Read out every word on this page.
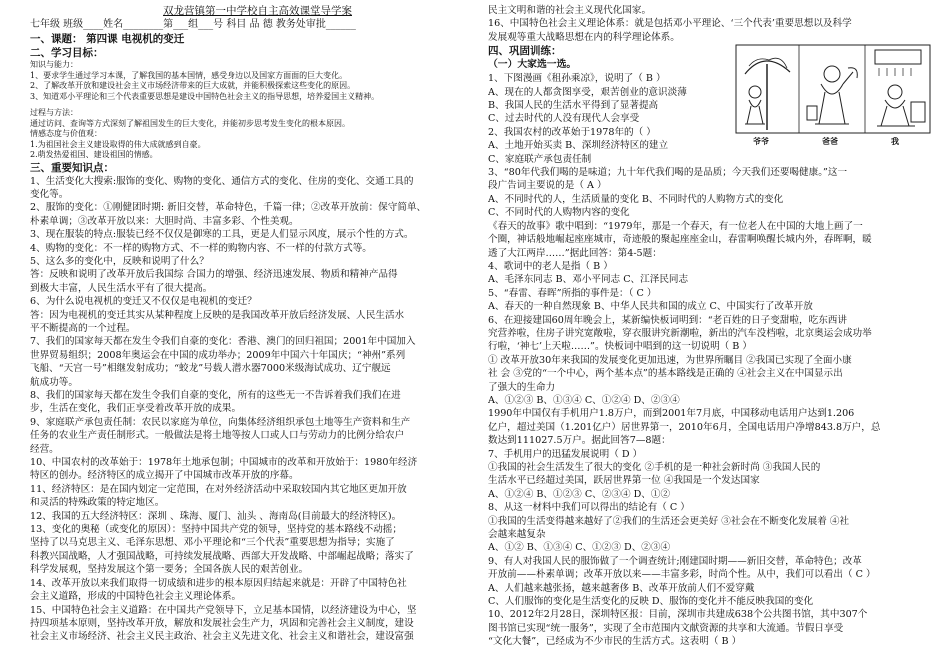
双龙营镇第一中学校自主高效课堂导学案
七年级 班级____姓名________第___组___号 科目 品 德 教务处审批______
一、课题： 第四课 电视机的变迁
二、学习目标：
知识与能力：
1、要求学生通过学习本课，了解我国的基本国情，感受身边以及国家方面面的巨大变化。
2、了解改革开放和建设社会主义市场经济带来的巨大成就，并能积极探索这些变化的原因。
3、知道邓小平理论和三个代表重要思想是建设中国特色社会主义的指导思想，培养爱国主义精神。
过程与方法：
通过访问、查询等方式深刻了解祖国发生的巨大变化，并能初步思考发生变化的根本原因。
情感态度与价值观：
1.为祖国社会主义建设取得的伟大成就感到自豪。
2.萌发热爱祖国、建设祖国的情感。
三、重要知识点：
1、生活变化大搜索:服饰的变化、购物的变化、通信方式的变化、住房的变化、交通工具的
变化等。
2、服饰的变化：①刚健团时期: 新旧交替，革命特色，千篇一律；②改革开放前：保守简单、
朴素单调；③改革开放以来：大胆时尚、丰富多彩、个性美观。
3、现在服装的特点:服装已经不仅仅是御寒的工具，更是人们显示风度，展示个性的方式。
4、购物的变化：不一样的购物方式、不一样的购物内容、不一样的付款方式等。
5、这么多的变化中，反映和说明了什么？
答：反映和说明了改革开放后我国综 合国力的增强、经济迅速发展、物质和精神产品得
到极大丰富，人民生活水平有了很大提高。
6、为什么说电视机的变迁又不仅仅是电视机的变迁？
答：因为电视机的变迁其实从某种程度上反映的是我国改革开放后经济发展、人民生活水
平不断提高的一个过程。
7、我们的国家每天都在发生令我们自豪的变化：香港、澳门的回归祖国；2001年中国加入
世界贸易组织；2008年奥运会在中国的成功举办；2009年中国六十年国庆；“神州”系列
飞船、“天宫一号”相继发射成功；“蛟龙”号载人潜水器7000米级海试成功、辽宁舰远
航成功等。
8、我们的国家每天都在发生令我们自豪的变化，所有的这些无一不告诉着我们我们在进
步，生活在变化，我们正享受着改革开放的成果。
9、家庭联产承包责任制：农民以家庭为单位，向集体经济组织承包土地等生产资料和生产
任务的农业生产责任制形式。一般做法是将土地等按人口或人口与劳动力的比例分给农户
经营。
10、中国农村的改革始于：1978年土地承包制；中国城市的改革和开放始于：1980年经济
特区的创办。经济特区的成立揭开了中国城市改革开放的序幕。
11、经济特区：是在国内划定一定范围，在对外经济活动中采取较国内其它地区更加开放
和灵活的特殊政策的特定地区。
12、我国的五大经济特区：深圳 、珠海、厦门、汕头 、海南岛(目前最大的经济特区)。
13、变化的奥秘（或变化的原因）：坚持中国共产党的领导，坚持党的基本路线不动摇；
坚持了以马克思主义、毛泽东思想、邓小平理论和“三个代表”重要思想为指导；实施了
科教兴国战略，人才强国战略，可持续发展战略、西部大开发战略、中部崛起战略；落实了
科学发展观，坚持发展这个第一要务；全国各族人民的艰苦创业。
14、改革开放以来我们取得一切成绩和进步的根本原因归结起来就是：开辟了中国特色社
会主义道路，形成的中国特色社会主义理论体系。
15、中国特色社会主义道路：在中国共产党领导下，立足基本国情，以经济建设为中心，坚
持四项基本原则，坚持改革开放，解放和发展社会生产力，巩固和完善社会主义制度，建设
社会主义市场经济、社会主义民主政治、社会主义先进文化、社会主义和谐社会，建设富强
民主文明和谐的社会主义现代化国家。
16、中国特色社会主义理论体系：就是包括邓小平理论、‘三个代表’重要思想以及科学
发展观等重大战略思想在内的科学理论体系。
四、巩固训练：
（一）大家选一选。
1、下图漫画《租孙乘凉》，说明了（ B ）
A、现在的人都贪图享受，艰苦创业的意识淡薄
B、我国人民的生活水平得到了显著提高
C、过去时代的人没有现代人会享受
2、我国农村的改革始于1978年的（ ）
A、土地开始买卖 B、深圳经济特区的建立
C、家庭联产承包责任制
3、“80年代我们喝的是味道；九十年代我们喝的是品质；今天我们还要喝健康。”这一
段广告词主要说的是（ A ）
A、不同时代的人，生活质量的变化 B、不同时代的人购物方式的变化
C、不同时代的人购物内容的变化
《春天的故事》歌中唱到：“1979年，那是一个春天，有一位老人在中国的大地上画了一
个圈，神话般地崛起座座城市，奇迹般的聚起座座金山，春雷啊唤醒长城内外，春晖啊，暖
透了大江两岸……”据此回答：第4-5题：
4、歌词中的老人是指（ B ）
A、毛泽东同志 B、邓小平同志 C、江泽民同志
5、“春雷、春晖”所指的事件是：（ C ）
A、春天的一种自然现象 B、中华人民共和国的成立 C、中国实行了改革开放
6、在迎接建国60周年晚会上，某新编快板词明到：“老百姓的日子变甜啦，吃东西讲
究营养啦，住房子讲究宽敞啦，穿衣服讲究新潮啦，新出的汽车没档啦，北京奥运会成功举
行啦，‘神七’上天啦……”。快板词中唱到的这一切说明（ B ）
① 改革开放30年来我国的发展变化更加迅速，为世界所瞩目 ②我国已实现了全面小康
社 会 ③党的“一个中心，两个基本点”的基本路线是正确的 ④社会主义在中国显示出
了强大的生命力
A、①②③ B、①③④ C、①②④ D、②③④
1990年中国仅有手机用户1.8万户，而到2001年7月底，中国移动电话用户达到1.206
亿户，超过美国（1.201亿户）居世界第一，2010年6月，全国电话用户净增843.8万户，总
数达到111027.5万户。据此回答7—8题：
7、手机用户的迅猛发展说明（ D ）
①我国的社会生活发生了很大的变化 ②手机的是一种社会新时尚 ③我国人民的
生活水平已经超过美国，跃居世界第一位 ④我国是一个发达国家
A、①②④ B、①②③ C、②③④ D、①②
8、从这一材料中我们可以得出的结论有（ C ）
①我国的生活变得越来越好了②我们的生活还会更美好 ③社会在不断变化发展着 ④社
会越来越复杂
A、①② B、①③④ C、①②③ D、②③④
9、有人对我国人民的服饰做了一个调查统计;刚建国时期——新旧交替，革命特色；改革
开放前——朴素单调；改革开放以来——丰富多彩，时尚个性。从中，我们可以看出（ C ）
A、人们越来越张扬，越来越奢侈 B、改革开放前人们不爱穿戴
C、人们服饰的变化是生活变化的反映 D、服饰的变化并不能反映我国的变化
10、2012年2月28日，深圳特区报：目前，深圳市共建成638个公共图书馆，其中307个
图书馆已实现“统一服务”，实现了全市范围内文献资源的共享和大流通。节假日享受
“文化大餐”，已经成为不少市民的生活方式。这表明（ B ）
爷爷	爸爸	我
